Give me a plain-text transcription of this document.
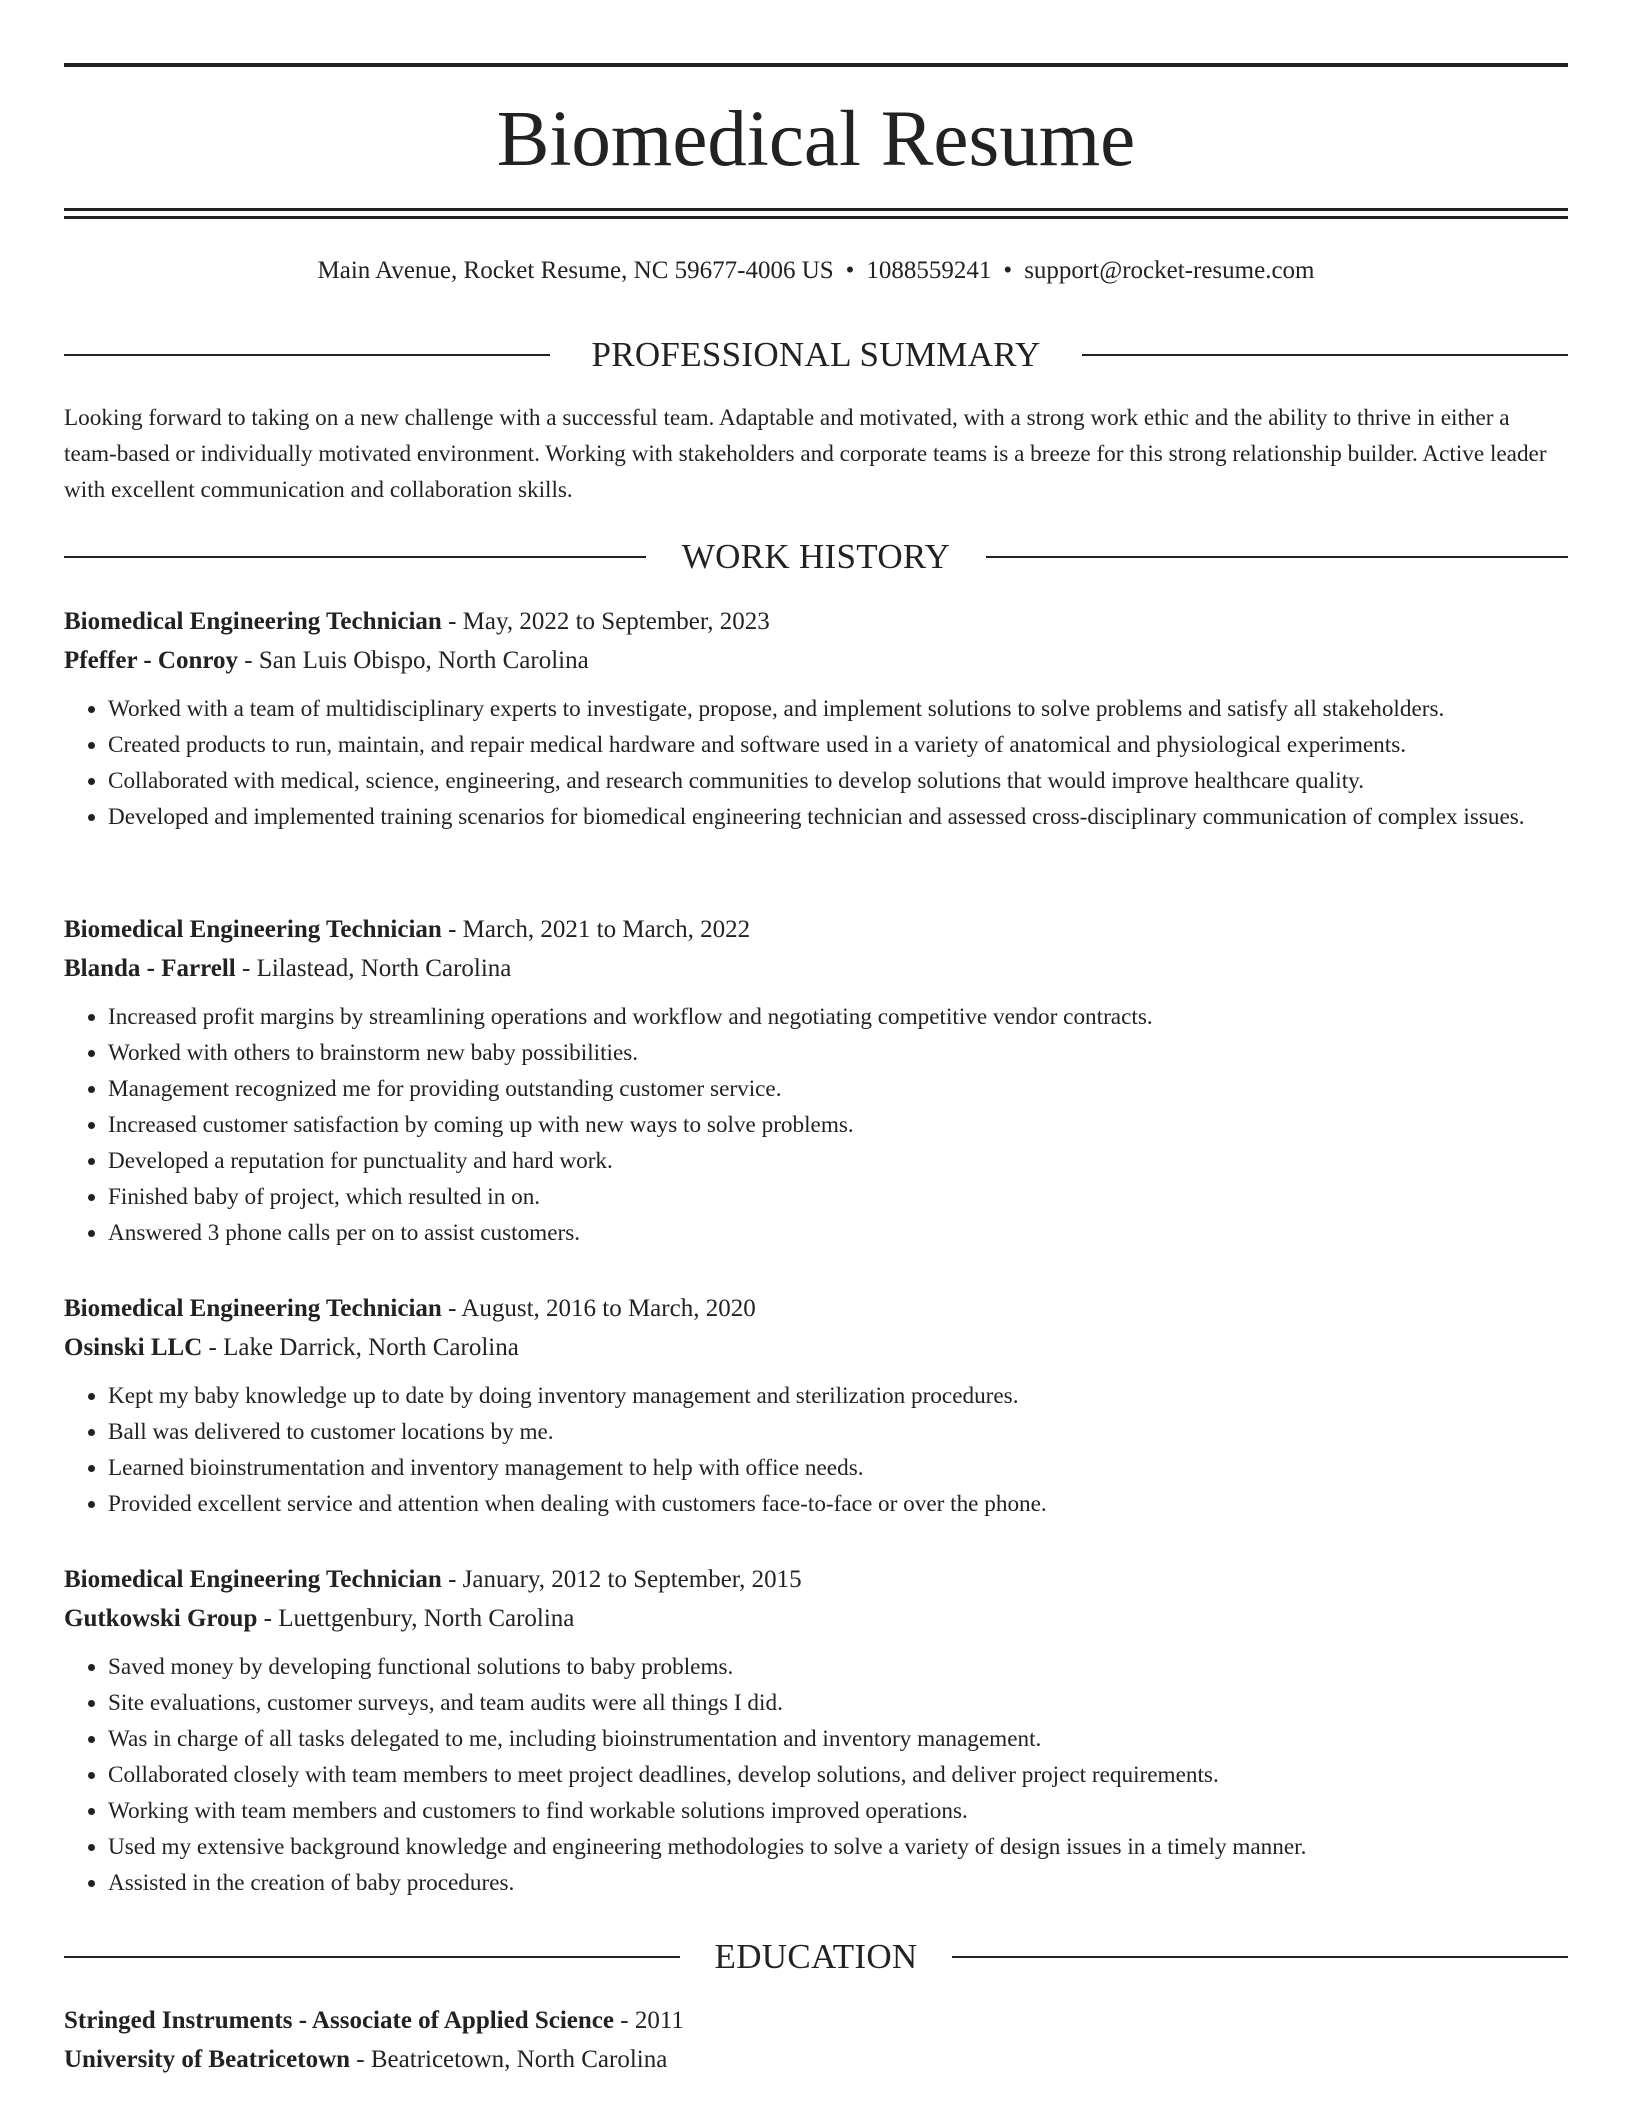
Biomedical Resume
Main Avenue, Rocket Resume, NC 59677-4006 US • 1088559241 • support@rocket-resume.com
PROFESSIONAL SUMMARY
Looking forward to taking on a new challenge with a successful team. Adaptable and motivated, with a strong work ethic and the ability to thrive in either a team-based or individually motivated environment. Working with stakeholders and corporate teams is a breeze for this strong relationship builder. Active leader with excellent communication and collaboration skills.
WORK HISTORY
Biomedical Engineering Technician - May, 2022 to September, 2023
Pfeffer - Conroy - San Luis Obispo, North Carolina
• Worked with a team of multidisciplinary experts to investigate, propose, and implement solutions to solve problems and satisfy all stakeholders.
• Created products to run, maintain, and repair medical hardware and software used in a variety of anatomical and physiological experiments.
• Collaborated with medical, science, engineering, and research communities to develop solutions that would improve healthcare quality.
• Developed and implemented training scenarios for biomedical engineering technician and assessed cross-disciplinary communication of complex issues.
Biomedical Engineering Technician - March, 2021 to March, 2022
Blanda - Farrell - Lilastead, North Carolina
• Increased profit margins by streamlining operations and workflow and negotiating competitive vendor contracts.
• Worked with others to brainstorm new baby possibilities.
• Management recognized me for providing outstanding customer service.
• Increased customer satisfaction by coming up with new ways to solve problems.
• Developed a reputation for punctuality and hard work.
• Finished baby of project, which resulted in on.
• Answered 3 phone calls per on to assist customers.
Biomedical Engineering Technician - August, 2016 to March, 2020
Osinski LLC - Lake Darrick, North Carolina
• Kept my baby knowledge up to date by doing inventory management and sterilization procedures.
• Ball was delivered to customer locations by me.
• Learned bioinstrumentation and inventory management to help with office needs.
• Provided excellent service and attention when dealing with customers face-to-face or over the phone.
Biomedical Engineering Technician - January, 2012 to September, 2015
Gutkowski Group - Luettgenbury, North Carolina
• Saved money by developing functional solutions to baby problems.
• Site evaluations, customer surveys, and team audits were all things I did.
• Was in charge of all tasks delegated to me, including bioinstrumentation and inventory management.
• Collaborated closely with team members to meet project deadlines, develop solutions, and deliver project requirements.
• Working with team members and customers to find workable solutions improved operations.
• Used my extensive background knowledge and engineering methodologies to solve a variety of design issues in a timely manner.
• Assisted in the creation of baby procedures.
EDUCATION
Stringed Instruments - Associate of Applied Science - 2011
University of Beatricetown - Beatricetown, North Carolina
